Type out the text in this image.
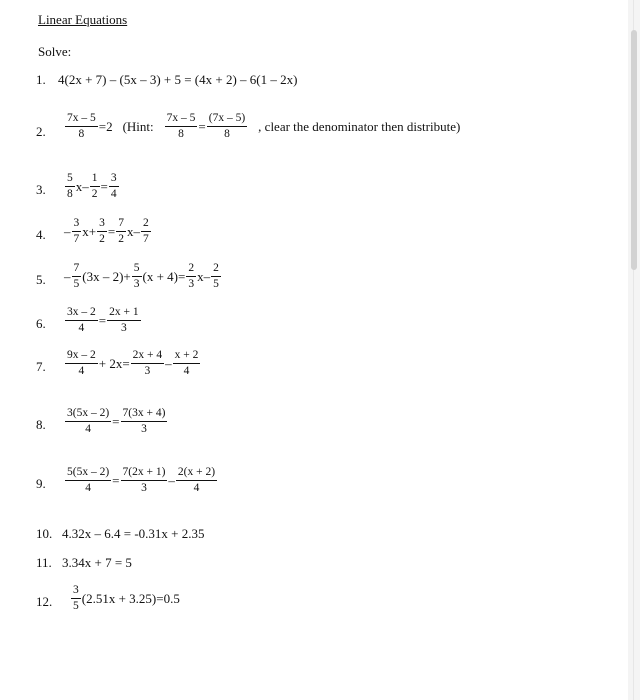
Linear Equations
Solve:
1. 4(2x + 7) – (5x – 3) + 5 = (4x + 2) – 6(1 – 2x)
2. $\frac{7x - 5}{8} =2$ (Hint: $\frac{7x - 5}{8} = \frac{(7x - 5)}{8}$ , clear the denominator then distribute)
3. $\frac{5}{8}$ $x - \frac{1}{2} = \frac{3}{4}$
4. – $\frac{3}{7} x+ \frac{3}{2} = \frac{7}{2} x- \frac{2}{7}$
5. – $\frac{7}{5} (3x - 2)+ \frac{5}{3} (x + 4)= \frac{2}{3} x- \frac{2}{5}$
6. $\frac{3x - 2}{4} = \frac{2x + 1}{3}$
7. $\frac{9x - 2}{4} + 2x= \frac{2x + 4}{3} - \frac{x + 2}{4}$
8. $\frac{3(5x - 2)}{4} = \frac{7(3x + 4)}{3}$
9. $\frac{5(5x - 2)}{4} = \frac{7(2x + 1)}{3} - \frac{2(x + 2)}{4}$
10. 4.32x – 6.4 = -0.31x + 2.35
11. 3.34x + 7 = 5
12. $\frac{3}{5} (2.51x + 3.25)=0.5$
